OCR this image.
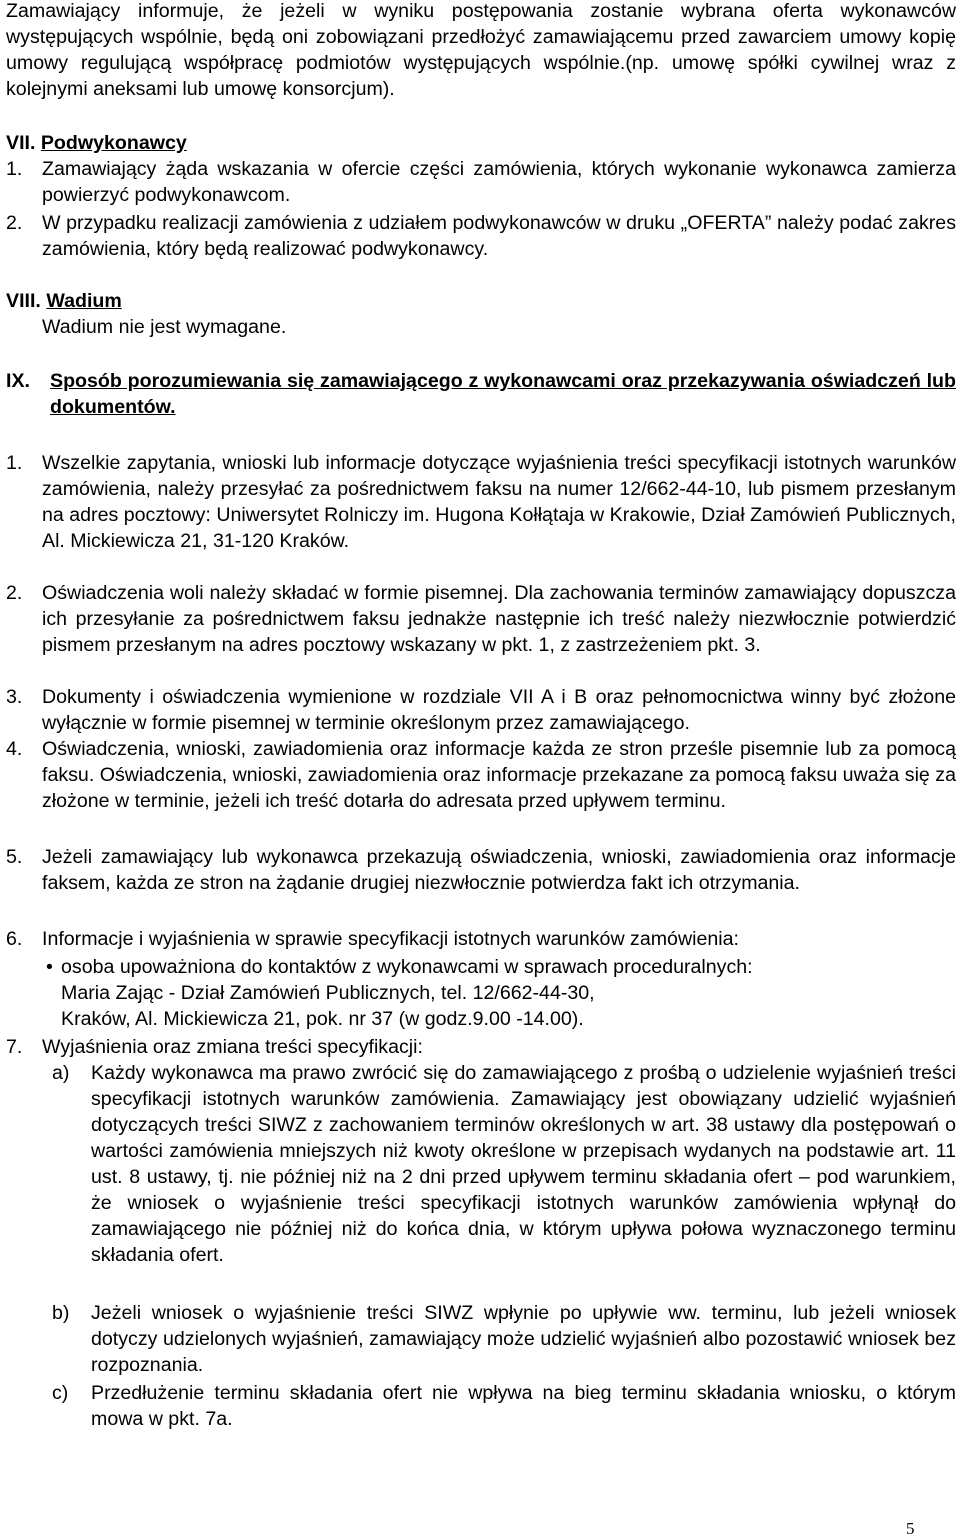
Zamawiający informuje, że jeżeli w wyniku postępowania zostanie wybrana oferta wykonawców występujących wspólnie, będą oni zobowiązani przedłożyć zamawiającemu przed zawarciem umowy kopię umowy regulującą współpracę podmiotów występujących wspólnie.(np. umowę spółki cywilnej wraz z kolejnymi aneksami lub umowę konsorcjum).

VII. Podwykonawcy
1.	Zamawiający żąda wskazania w ofercie części zamówienia, których wykonanie wykonawca zamierza powierzyć podwykonawcom.

2.	W przypadku realizacji zamówienia z udziałem podwykonawców w druku „OFERTA” należy podać zakres zamówienia, który będą realizować podwykonawcy.

VIII. Wadium

Wadium nie jest wymagane.

IX. Sposób porozumiewania się zamawiającego z wykonawcami oraz przekazywania oświadczeń lub dokumentów.

1.	Wszelkie zapytania, wnioski lub informacje dotyczące wyjaśnienia treści specyfikacji istotnych warunków zamówienia, należy przesyłać za pośrednictwem faksu na numer 12/662-44-10, lub pismem przesłanym na adres pocztowy: Uniwersytet Rolniczy im. Hugona Kołłątaja w Krakowie, Dział Zamówień Publicznych, Al. Mickiewicza 21, 31-120 Kraków.

2.	Oświadczenia woli należy składać w formie pisemnej. Dla zachowania terminów zamawiający dopuszcza ich przesyłanie za pośrednictwem faksu jednakże następnie ich treść należy niezwłocznie potwierdzić pismem przesłanym na adres pocztowy wskazany w pkt. 1, z zastrzeżeniem pkt. 3.

3.	Dokumenty i oświadczenia wymienione w rozdziale VII A i B oraz pełnomocnictwa winny być złożone wyłącznie w formie pisemnej w terminie określonym przez zamawiającego.

4.	Oświadczenia, wnioski, zawiadomienia oraz informacje każda ze stron prześle pisemnie lub za pomocą faksu. Oświadczenia, wnioski, zawiadomienia oraz informacje przekazane za pomocą faksu uważa się za złożone w terminie, jeżeli ich treść dotarła do adresata przed upływem terminu.

5.	Jeżeli zamawiający lub wykonawca przekazują oświadczenia, wnioski, zawiadomienia oraz informacje faksem, każda ze stron na żądanie drugiej niezwłocznie potwierdza fakt ich otrzymania.

6.	Informacje i wyjaśnienia w sprawie specyfikacji istotnych warunków zamówienia:

• osoba upoważniona do kontaktów z wykonawcami w sprawach proceduralnych:

Maria Zając - Dział Zamówień Publicznych, tel. 12/662-44-30,

Kraków, Al. Mickiewicza 21, pok. nr 37 (w godz.9.00 -14.00).

7.	Wyjaśnienia oraz zmiana treści specyfikacji:

a)	Każdy wykonawca ma prawo zwrócić się do zamawiającego z prośbą o udzielenie wyjaśnień treści specyfikacji istotnych warunków zamówienia. Zamawiający jest obowiązany udzielić wyjaśnień dotyczących treści SIWZ z zachowaniem terminów określonych w art. 38 ustawy dla postępowań o wartości zamówienia mniejszych niż kwoty określone w przepisach wydanych na podstawie art. 11 ust. 8 ustawy, tj. nie później niż na 2 dni przed upływem terminu składania ofert – pod warunkiem, że wniosek o wyjaśnienie treści specyfikacji istotnych warunków zamówienia wpłynął do zamawiającego nie później niż do końca dnia, w którym upływa połowa wyznaczonego terminu składania ofert.

b)	Jeżeli wniosek o wyjaśnienie treści SIWZ wpłynie po upływie ww. terminu, lub jeżeli wniosek dotyczy udzielonych wyjaśnień, zamawiający może udzielić wyjaśnień albo pozostawić wniosek bez rozpoznania.

c)	Przedłużenie terminu składania ofert nie wpływa na bieg terminu składania wniosku, o którym mowa w pkt. 7a.

5
